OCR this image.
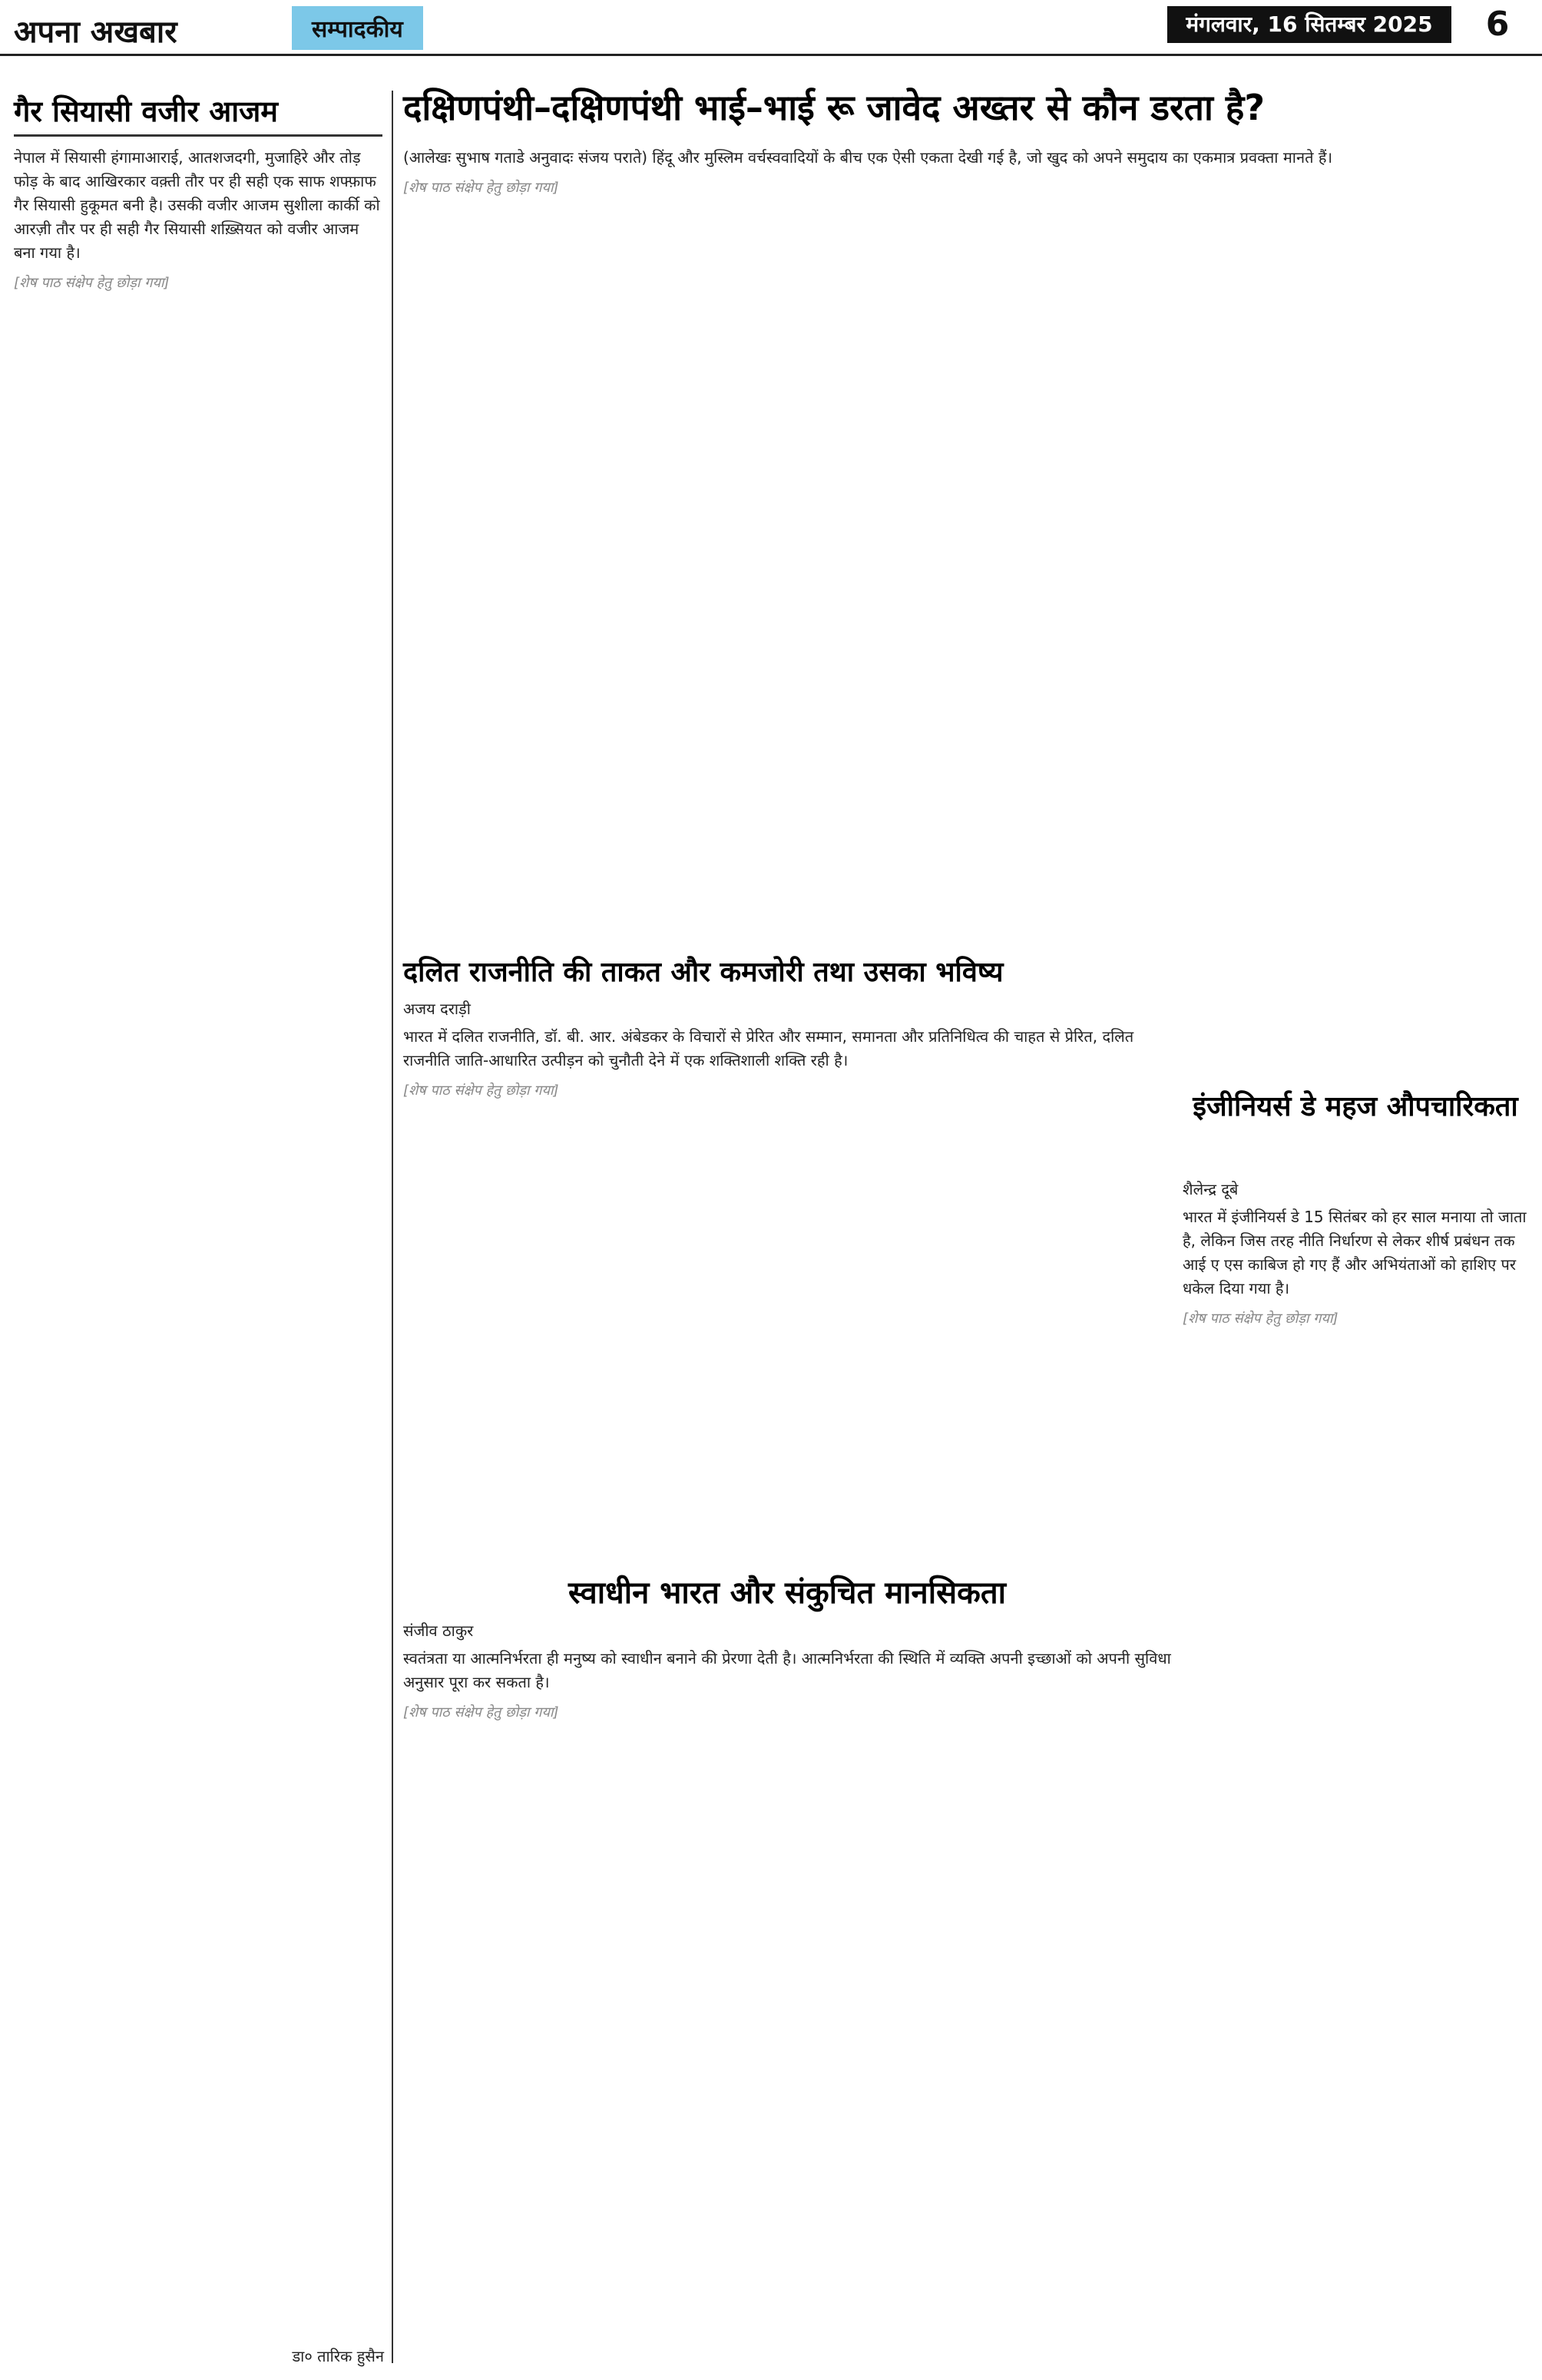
अपना अखबार	सम्पादकीय	मंगलवार, 16 सितम्बर 2025	6
गैर सियासी वजीर आजम

नेपाल में सियासी हंगामाआराई, आतशजदगी, मुजाहिरे और तोड़ फोड़ के बाद आखिरकार वक़्ती तौर पर ही सही एक साफ शफ्फ़ाफ गैर सियासी हुकूमत बनी है। उसकी वजीर आजम सुशीला कार्की को आरज़ी तौर पर ही सही गैर सियासी शख़्सियत को वजीर आजम बना गया है।

[शेष पाठ संक्षेप हेतु छोड़ा गया]

डा० तारिक हुसैन
दक्षिणपंथी–दक्षिणपंथी भाई–भाई रू जावेद अख्तर से कौन डरता है?

(आलेखः सुभाष गताडे अनुवादः संजय पराते) हिंदू और मुस्लिम वर्चस्ववादियों के बीच एक ऐसी एकता देखी गई है, जो खुद को अपने समुदाय का एकमात्र प्रवक्ता मानते हैं।

[शेष पाठ संक्षेप हेतु छोड़ा गया]

दलित राजनीति की ताकत और कमजोरी तथा उसका भविष्य
अजय दराड़ी

भारत में दलित राजनीति, डॉ. बी. आर. अंबेडकर के विचारों से प्रेरित और सम्मान, समानता और प्रतिनिधित्व की चाहत से प्रेरित, दलित राजनीति जाति-आधारित उत्पीड़न को चुनौती देने में एक शक्तिशाली शक्ति रही है।

[शेष पाठ संक्षेप हेतु छोड़ा गया]

इंजीनियर्स डे महज औपचारिकता
शैलेन्द्र दूबे

भारत में इंजीनियर्स डे 15 सितंबर को हर साल मनाया तो जाता है, लेकिन जिस तरह नीति निर्धारण से लेकर शीर्ष प्रबंधन तक आई ए एस काबिज हो गए हैं और अभियंताओं को हाशिए पर धकेल दिया गया है।

[शेष पाठ संक्षेप हेतु छोड़ा गया]

स्वाधीन भारत और संकुचित मानसिकता
संजीव ठाकुर

स्वतंत्रता या आत्मनिर्भरता ही मनुष्य को स्वाधीन बनाने की प्रेरणा देती है। आत्मनिर्भरता की स्थिति में व्यक्ति अपनी इच्छाओं को अपनी सुविधा अनुसार पूरा कर सकता है।

[शेष पाठ संक्षेप हेतु छोड़ा गया]
